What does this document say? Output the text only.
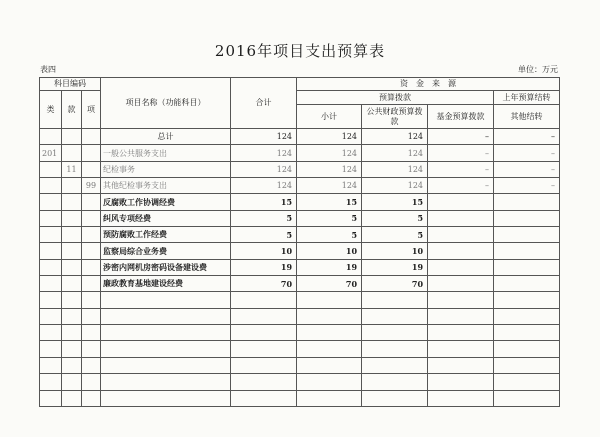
2016年项目支出预算表
表四	单位：万元
科目编码			项目名称（功能科目）	合计	资　金　来　源			
类	款	项			预算拨款			上年预算结转
					小计	公共财政预算拨款	基金预算拨款	其他结转
			总计	124	124	124	–	–
201			一般公共服务支出	124	124	124	–	–
	11		纪检事务	124	124	124	–	–
		99	其他纪检事务支出	124	124	124	–	–
			反腐败工作协调经费	15	15	15		
			纠风专项经费	5	5	5		
			预防腐败工作经费	5	5	5		
			监察局综合业务费	10	10	10		
			涉密内网机房密码设备建设费	19	19	19		
			廉政教育基地建设经费	70	70	70		
